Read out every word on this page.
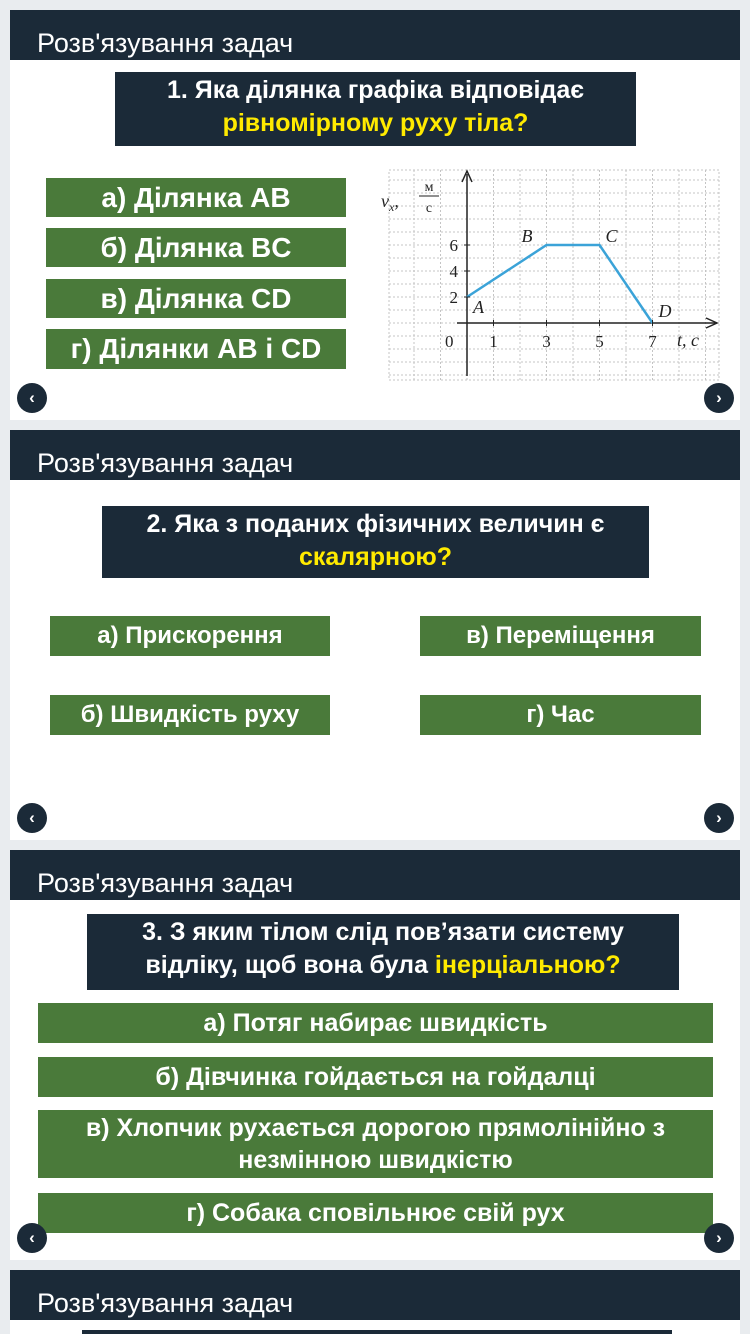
Розв'язування задач
1. Яка ділянка графіка відповідає
рівномірному руху тіла?
а) Ділянка AB
б) Ділянка BC
в) Ділянка CD
г) Ділянки AB і CD
A
B	C
D
1	3	5	7
2
4
6
0
$v_x$,
м
с
t, с
‹	›
Розв'язування задач
2. Яка з поданих фізичних величин є
скалярною?
а) Прискорення	в) Переміщення
б) Швидкість руху	г) Час
‹	›
Розв'язування задач
3. З яким тілом слід пов’язати систему
відліку, щоб вона була інерціальною?
а) Потяг набирає швидкість
б) Дівчинка гойдається на гойдалці
в) Хлопчик рухається дорогою прямолінійно з
незмінною швидкістю
г) Собака сповільнює свій рух
‹	›
Розв'язування задач
